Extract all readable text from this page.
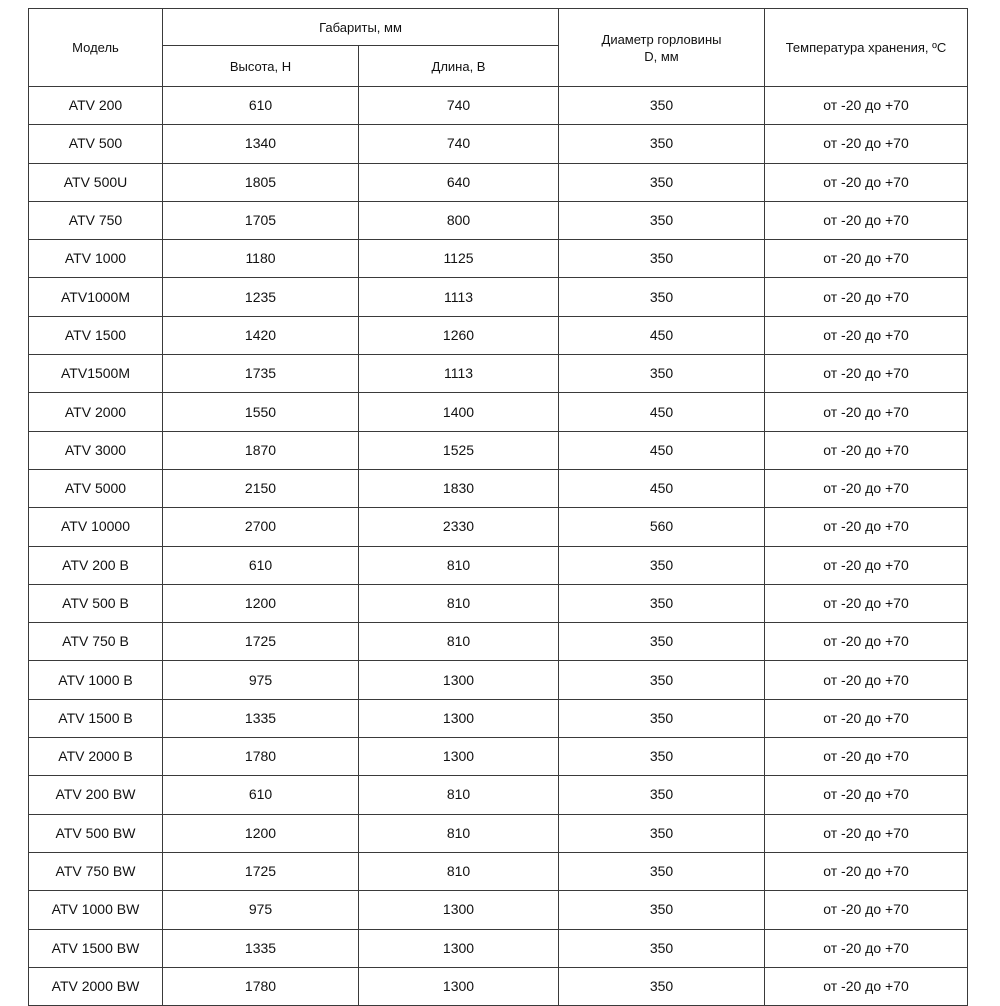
Модель	Габариты, мм		Диаметр горловины D, мм	Температура хранения, ºС
	Высота, Н	Длина, В		
ATV 200	610	740	350	от -20 до +70
ATV 500	1340	740	350	от -20 до +70
ATV 500U	1805	640	350	от -20 до +70
ATV 750	1705	800	350	от -20 до +70
ATV 1000	1180	1125	350	от -20 до +70
ATV1000M	1235	1113	350	от -20 до +70
ATV 1500	1420	1260	450	от -20 до +70
ATV1500M	1735	1113	350	от -20 до +70
ATV 2000	1550	1400	450	от -20 до +70
ATV 3000	1870	1525	450	от -20 до +70
ATV 5000	2150	1830	450	от -20 до +70
ATV 10000	2700	2330	560	от -20 до +70
ATV 200 B	610	810	350	от -20 до +70
ATV 500 B	1200	810	350	от -20 до +70
ATV 750 B	1725	810	350	от -20 до +70
ATV 1000 B	975	1300	350	от -20 до +70
ATV 1500 B	1335	1300	350	от -20 до +70
ATV 2000 B	1780	1300	350	от -20 до +70
ATV 200 BW	610	810	350	от -20 до +70
ATV 500 BW	1200	810	350	от -20 до +70
ATV 750 BW	1725	810	350	от -20 до +70
ATV 1000 BW	975	1300	350	от -20 до +70
ATV 1500 BW	1335	1300	350	от -20 до +70
ATV 2000 BW	1780	1300	350	от -20 до +70
